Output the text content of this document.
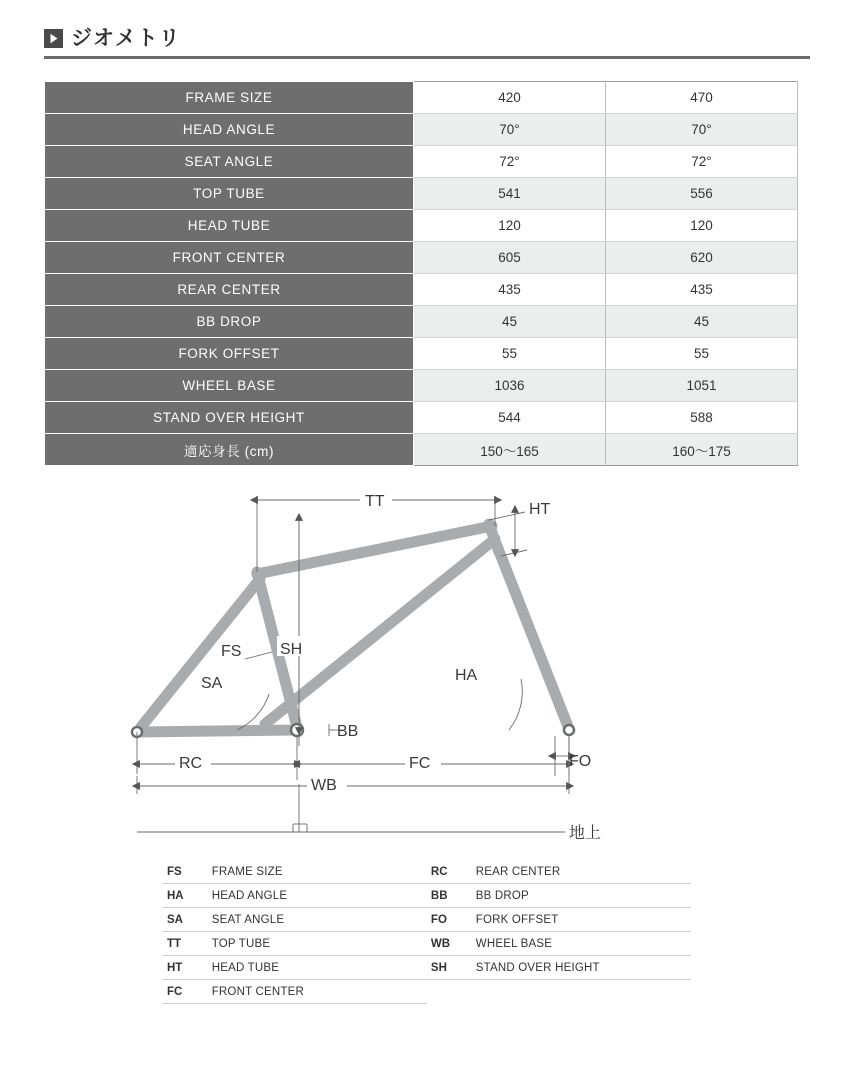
ジオメトリ
FRAME SIZE	420	470
HEAD ANGLE	70°	70°
SEAT ANGLE	72°	72°
TOP TUBE	541	556
HEAD TUBE	120	120
FRONT CENTER	605	620
REAR CENTER	435	435
BB DROP	45	45
FORK OFFSET	55	55
WHEEL BASE	1036	1051
STAND OVER HEIGHT	544	588
適応身長 (cm)	150〜165	160〜175
TT	HT
FS SH
SA	HA
BB
RC	FC	FO
WB
地上
FS	FRAME SIZE	RC	REAR CENTER
HA	HEAD ANGLE	BB	BB DROP
SA	SEAT ANGLE	FO	FORK OFFSET
TT	TOP TUBE	WB	WHEEL BASE
HT	HEAD TUBE	SH	STAND OVER HEIGHT
FC	FRONT CENTER		
